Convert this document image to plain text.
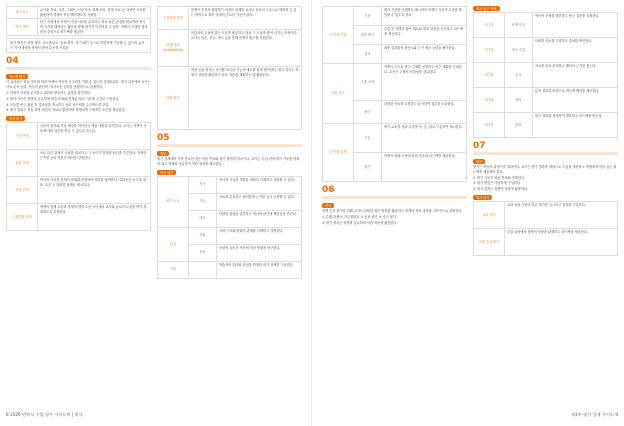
참고자료	교사용 자료, 사진, 그래프, 신문기사, 복제 문서, 통계 자료 등 다양한 사료를 활용하여 학생이 직접 해석하도록 지원함
역사 해석	탐구 과정에서 학생이 직접 사료를 분석하고 서로 다른 관점을 비교하며 역사적 사건을 해석하는 활동을 통해 평가가 이루어질 수 있음. 학생이 수행한 결과물을 중심으로 피드백을 제공함
평가 방식은 관찰 평가, 포트폴리오, 동료 평가, 자기 평가 등으로 다양하게 구성할 수 있으며 교사는 각 단계에서 학생의 참여 수준을 기록함
04
역사적 평가

이 교과서는 학습 목표에 따라 학생이 역사적 사고력을 기를 수 있도록 설계되었다. 평가 과정에서 교사는 사료 분석 능력, 역사적 판단력, 의사소통 능력을 종합적으로 관찰한다.

① 학생이 사료를 분석하고 결과를 발표하는 과정을 평가한다.

② 평가 기준은 학생과 공유하며 학습 목표와 연계된 성취 기준을 근거로 구성한다.

③ 모둠별 탐구 활동 후 결과물을 게시하고 상호 피드백을 주고받도록 한다.

④ 평가 결과는 학습 과정 개선의 자료로 활용하며 학생에게 구체적인 조언을 제공한다.

역사 평가
기본 단계	사료의 출처와 작성 배경을 파악하고 핵심 내용을 요약한다. 교사는 학생이 사료에 대한 질문을 만들 수 있도록 돕는다.
심화 단계	서로 다른 관점의 사료를 비교하고 그 차이가 발생한 원인을 추론한다. 학생은 근거를 들어 자신의 해석을 설명한다.
적용 단계	역사적 사건을 현재의 문제와 연결하여 의미를 탐색한다. 결과물은 보고서, 발표, 토론 등 다양한 형태로 제시된다.
근접발달 영역	학생의 현재 수준과 잠재적 발달 수준 사이에서 교사와 동료의 도움을 받아 성장하도록 지원한다.
근접발달 영역	학생이 혼자서 해결하기 어려운 과제를 교사나 동료의 도움으로 해결할 수 있는 영역으로 평가 설계의 중요한 기준이 된다.
비계 설정 (scaffolding)	학습자의 수준에 맞는 도움을 제공하고 점차 그 도움을 줄여 나가는 과정이다. 교사는 질문, 힌트, 예시 등을 통해 학생의 탐구를 지원한다.
역량 평가	역량 중심 평가는 지식뿐 아니라 기능과 태도를 함께 평가한다. 평가 결과는 학생의 성장을 확인하고 다음 학습을 계획하는 데 활용된다.
05
개념

평가 설계에서 가장 중요한 것은 학습 목표와 평가 방법의 일치이다. 교사는 수업 전에 평가 기준을 명확히 하고 학생과 공유하여 학습 방향을 제시한다.

역사 평가
평가 요소	지식	역사적 사실과 개념을 정확히 이해하고 설명할 수 있다.
	기능	사료를 분석하고 해석하며 근거를 들어 주장할 수 있다.
	태도	다양한 관점을 존중하고 역사적 판단에 책임감을 가진다.
관점	사회	사회 구조와 변화의 관계를 이해하고 설명한다.
	문화	문화적 요소가 역사에 미친 영향을 탐구한다.
기타		학습자의 흥미와 관심을 반영한 평가 과제를 구성한다.
다 단계 기준	기준	평가 기준을 단계별로 제시하여 학생이 자신의 수준을 확인할 수 있도록 한다.
	관찰 평가	수업 중 학생의 참여 태도와 발표 내용을 기록하고 피드백을 제공한다.
	결과	최종 결과물의 완성도와 근거 제시 능력을 평가한다.
자율 연구	주제 선정	학생이 스스로 탐구 주제를 선정하고 연구 계획을 수립한다. 교사는 주제의 적절성을 검토한다.
	탐구	다양한 자료를 수집하고 분석하여 결론을 도출한다.
다 단계 설명	기준	평가 요소별 성취 수준을 상, 중, 하로 구분하여 제시한다.
	평가	학생의 성취 수준에 따라 맞춤형 피드백을 제공한다.
06
역사

학생 중심 평가를 위해 교사는 다양한 평가 방법을 활용하고 학생의 성장 과정을 지속적으로 관찰한다.

① 수행 과제 ② 포트폴리오 ③ 동료 평가 ④ 자기 평가

⑤ 평가 결과는 학생과 공유하며 학습 개선에 활용한다.

역사 탐구 단계
1단계	문제 인식	역사적 문제를 발견하고 탐구 질문을 설정한다.
2단계	자료 수집	다양한 사료를 수집하고 출처를 확인한다.
3단계	분석	사료를 비교 분석하고 해석의 근거를 찾는다.
4단계	해석	분석 결과를 바탕으로 역사적 해석을 제시한다.
5단계	발표	탐구 결과를 정리하여 발표하고 피드백을 받는다.
07
평가

평가는 학습의 과정이자 결과이다. 교사는 평가 결과를 바탕으로 수업을 개선하고 학생에게 의미 있는 피드백을 제공해야 한다.

① 평가 기준은 학습 목표와 연계한다.

② 평가 방법은 다양하게 구성한다.

③ 평가 결과는 학생의 성장에 활용한다.

역사 평가
교과 평가	교과 성취 기준에 따른 평가를 실시하고 결과를 기록한다.
과정 중심 평가	수업 과정에서 학생의 성장을 관찰하고 피드백을 제공한다.
8 2026 번역식 수업 평가 가이드북 | 역사	제1부 평가 설계 가이드 9
